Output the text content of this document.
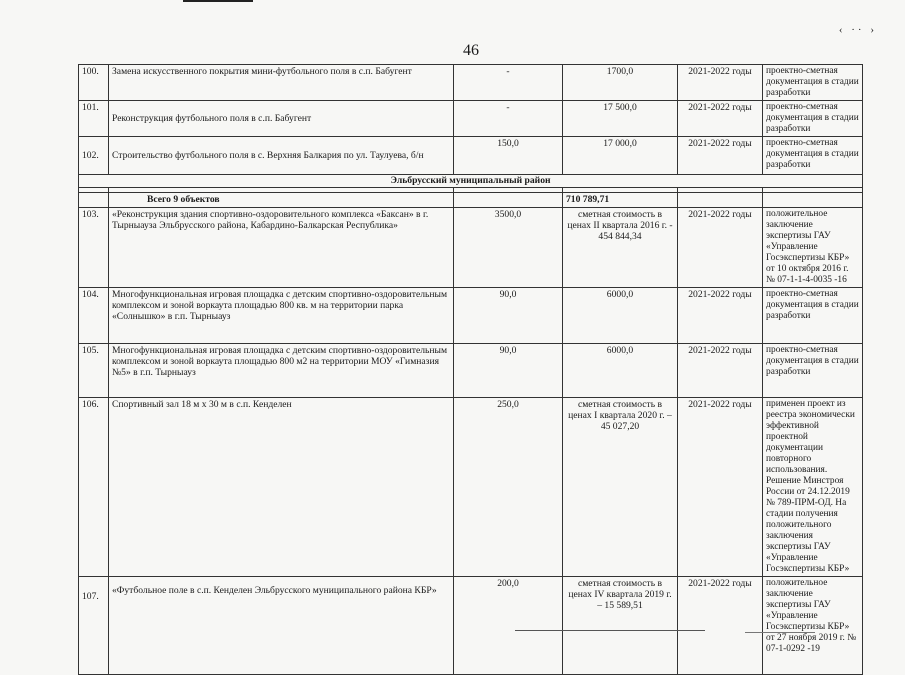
‹ ·· ›
46
100.	Замена искусственного покрытия мини-футбольного поля в с.п. Бабугент	-	1700,0	2021-2022 годы	проектно-сметная документация в стадии разработки
101.	Реконструкция футбольного поля в с.п. Бабугент	-	17 500,0	2021-2022 годы	проектно-сметная документация в стадии разработки
102.	Строительство футбольного поля в с. Верхняя Балкария по ул. Таулуева, б/н	150,0	17 000,0	2021-2022 годы	проектно-сметная документация в стадии разработки
Эльбрусский муниципальный район					

	Всего 9 объектов		710 789,71		
103.	«Реконструкция здания спортивно-оздоровительного комплекса «Баксан» в г. Тырныауза Эльбрусского района, Кабардино-Балкарская Республика»	3500,0	сметная стоимость в ценах II квартала 2016 г. - 454 844,34	2021-2022 годы	положительное заключение экспертизы ГАУ «Управление Госэкспертизы КБР» от 10 октября 2016 г. № 07-1-1-4-0035 -16
104.	Многофункциональная игровая площадка с детским спортивно-оздоровительным комплексом и зоной воркаута площадью 800 кв. м на территории парка «Солнышко» в г.п. Тырныауз	90,0	6000,0	2021-2022 годы	проектно-сметная документация в стадии разработки
105.	Многофункциональная игровая площадка с детским спортивно-оздоровительным комплексом и зоной воркаута площадью 800 м2 на территории МОУ «Гимназия №5» в г.п. Тырныауз	90,0	6000,0	2021-2022 годы	проектно-сметная документация в стадии разработки
106.	Спортивный зал 18 м х 30 м в с.п. Кенделен	250,0	сметная стоимость в ценах I квартала 2020 г. – 45 027,20	2021-2022 годы	применен проект из реестра экономически эффективной проектной документации повторного использования. Решение Минстроя России от 24.12.2019 № 789-ПРМ-ОД. На стадии получения положительного заключения экспертизы ГАУ «Управление Госэкспертизы КБР»
107.	«Футбольное поле в с.п. Кенделен Эльбрусского муниципального района КБР»	200,0	сметная стоимость в ценах IV квартала 2019 г. – 15 589,51	2021-2022 годы	положительное заключение экспертизы ГАУ «Управление Госэкспертизы КБР» от 27 ноября 2019 г. № 07-1-0292 -19
